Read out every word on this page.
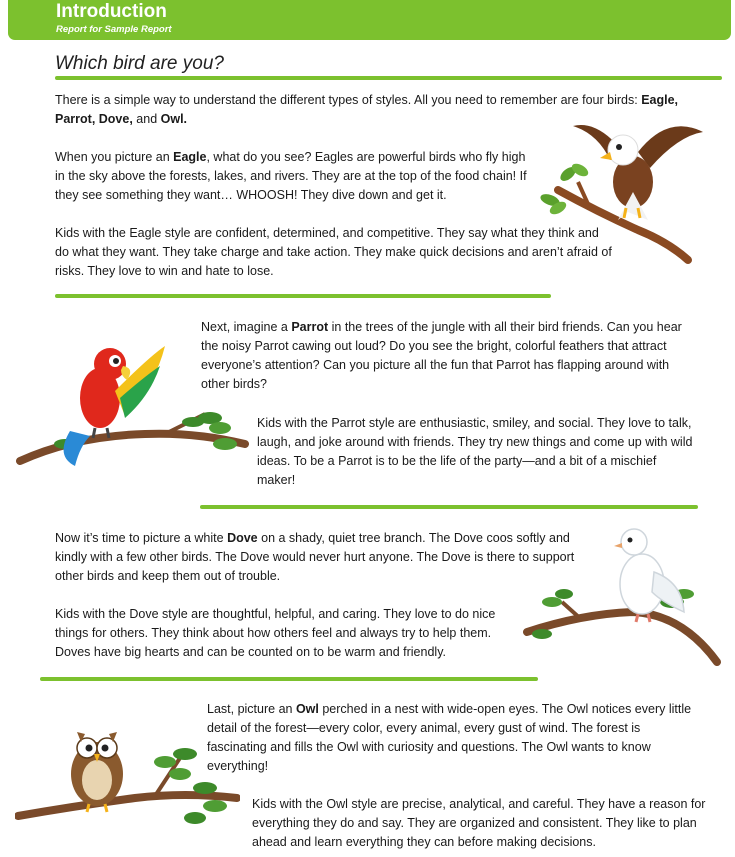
Introduction
Report for Sample Report
Which bird are you?

There is a simple way to understand the different types of styles. All you need to remember are four birds: Eagle, Parrot, Dove, and Owl.

When you picture an Eagle, what do you see? Eagles are powerful birds who fly high in the sky above the forests, lakes, and rivers. They are at the top of the food chain! If they see something they want… WHOOSH! They dive down and get it.

Kids with the Eagle style are confident, determined, and competitive. They say what they think and do what they want. They take charge and take action. They make quick decisions and aren’t afraid of risks. They love to win and hate to lose.

Next, imagine a Parrot in the trees of the jungle with all their bird friends. Can you hear the noisy Parrot cawing out loud? Do you see the bright, colorful feathers that attract everyone’s attention? Can you picture all the fun that Parrot has flapping around with other birds?

Kids with the Parrot style are enthusiastic, smiley, and social. They love to talk, laugh, and joke around with friends. They try new things and come up with wild ideas. To be a Parrot is to be the life of the party—and a bit of a mischief maker!

Now it’s time to picture a white Dove on a shady, quiet tree branch. The Dove coos softly and kindly with a few other birds. The Dove would never hurt anyone. The Dove is there to support other birds and keep them out of trouble.

Kids with the Dove style are thoughtful, helpful, and caring. They love to do nice things for others. They think about how others feel and always try to help them. Doves have big hearts and can be counted on to be warm and friendly.

Last, picture an Owl perched in a nest with wide-open eyes. The Owl notices every little detail of the forest—every color, every animal, every gust of wind. The forest is fascinating and fills the Owl with curiosity and questions. The Owl wants to know everything!

Kids with the Owl style are precise, analytical, and careful. They have a reason for everything they do and say. They are organized and consistent. They like to plan ahead and learn everything they can before making decisions.
